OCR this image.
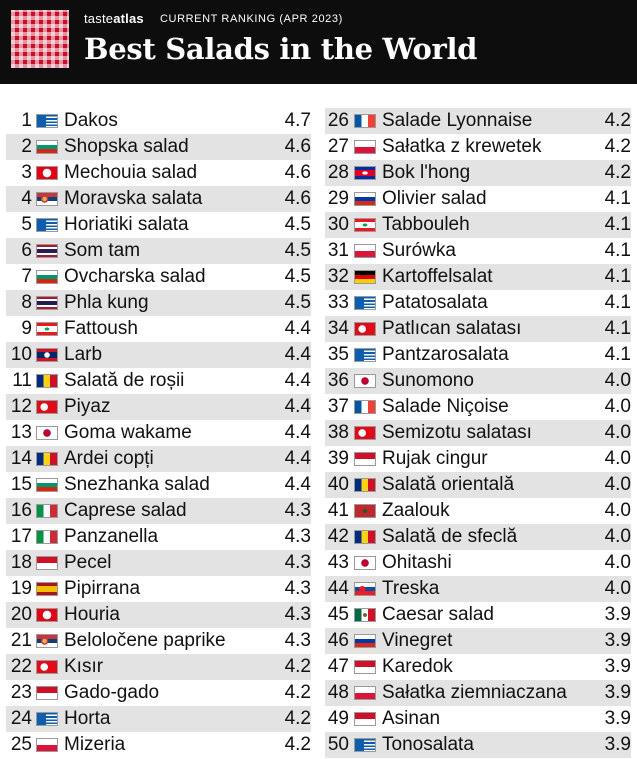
tasteatlas CURRENT RANKING (APR 2023)
Best Salads in the World
1 Dakos	4.7
2 Shopska salad	4.6
3 Mechouia salad	4.6
4 Moravska salata	4.6
5 Horiatiki salata	4.5
6 Som tam	4.5
7 Ovcharska salad	4.5
8 Phla kung	4.5
9 Fattoush	4.4
10 Larb	4.4
11 Salată de roșii	4.4
12 Piyaz	4.4
13 Goma wakame	4.4
14 Ardei copți	4.4
15 Snezhanka salad	4.4
16 Caprese salad	4.3
17 Panzanella	4.3
18 Pecel	4.3
19 Pipirrana	4.3
20 Houria	4.3
21 Beloločene paprike	4.3
22 Kısır	4.2
23 Gado-gado	4.2
24 Horta	4.2
25 Mizeria	4.2
26 Salade Lyonnaise	4.2
27 Sałatka z krewetek	4.2
28 Bok l'hong	4.2
29 Olivier salad	4.1
30 Tabbouleh	4.1
31 Surówka	4.1
32 Kartoffelsalat	4.1
33 Patatosalata	4.1
34 Patlıcan salatası	4.1
35 Pantzarosalata	4.1
36 Sunomono	4.0
37 Salade Niçoise	4.0
38 Semizotu salatası	4.0
39 Rujak cingur	4.0
40 Salată orientală	4.0
41 Zaalouk	4.0
42 Salată de sfeclă	4.0
43 Ohitashi	4.0
44 Treska	4.0
45 Caesar salad	3.9
46 Vinegret	3.9
47 Karedok	3.9
48 Sałatka ziemniaczana 3.9
49 Asinan	3.9
50 Tonosalata	3.9
